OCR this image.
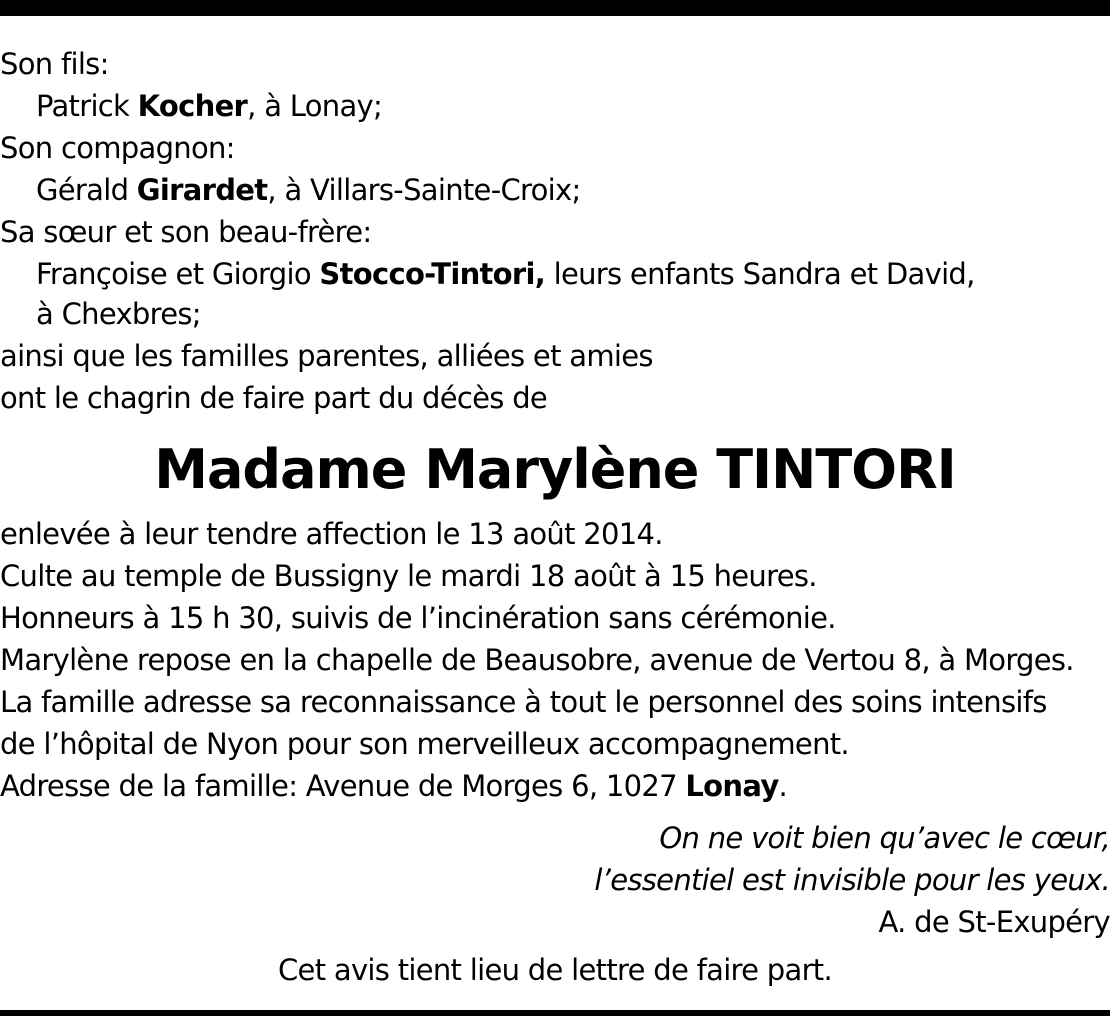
Son fils:
Patrick Kocher, à Lonay;
Son compagnon:
Gérald Girardet, à Villars-Sainte-Croix;
Sa sœur et son beau-frère:
Françoise et Giorgio Stocco-Tintori, leurs enfants Sandra et David,
à Chexbres;
ainsi que les familles parentes, alliées et amies
ont le chagrin de faire part du décès de
Madame Marylène TINTORI
enlevée à leur tendre affection le 13 août 2014.
Culte au temple de Bussigny le mardi 18 août à 15 heures.
Honneurs à 15 h 30, suivis de l’incinération sans cérémonie.
Marylène repose en la chapelle de Beausobre, avenue de Vertou 8, à Morges.
La famille adresse sa reconnaissance à tout le personnel des soins intensifs
de l’hôpital de Nyon pour son merveilleux accompagnement.
Adresse de la famille: Avenue de Morges 6, 1027 Lonay.
On ne voit bien qu’avec le cœur,
l’essentiel est invisible pour les yeux.
A. de St-Exupéry
Cet avis tient lieu de lettre de faire part.
